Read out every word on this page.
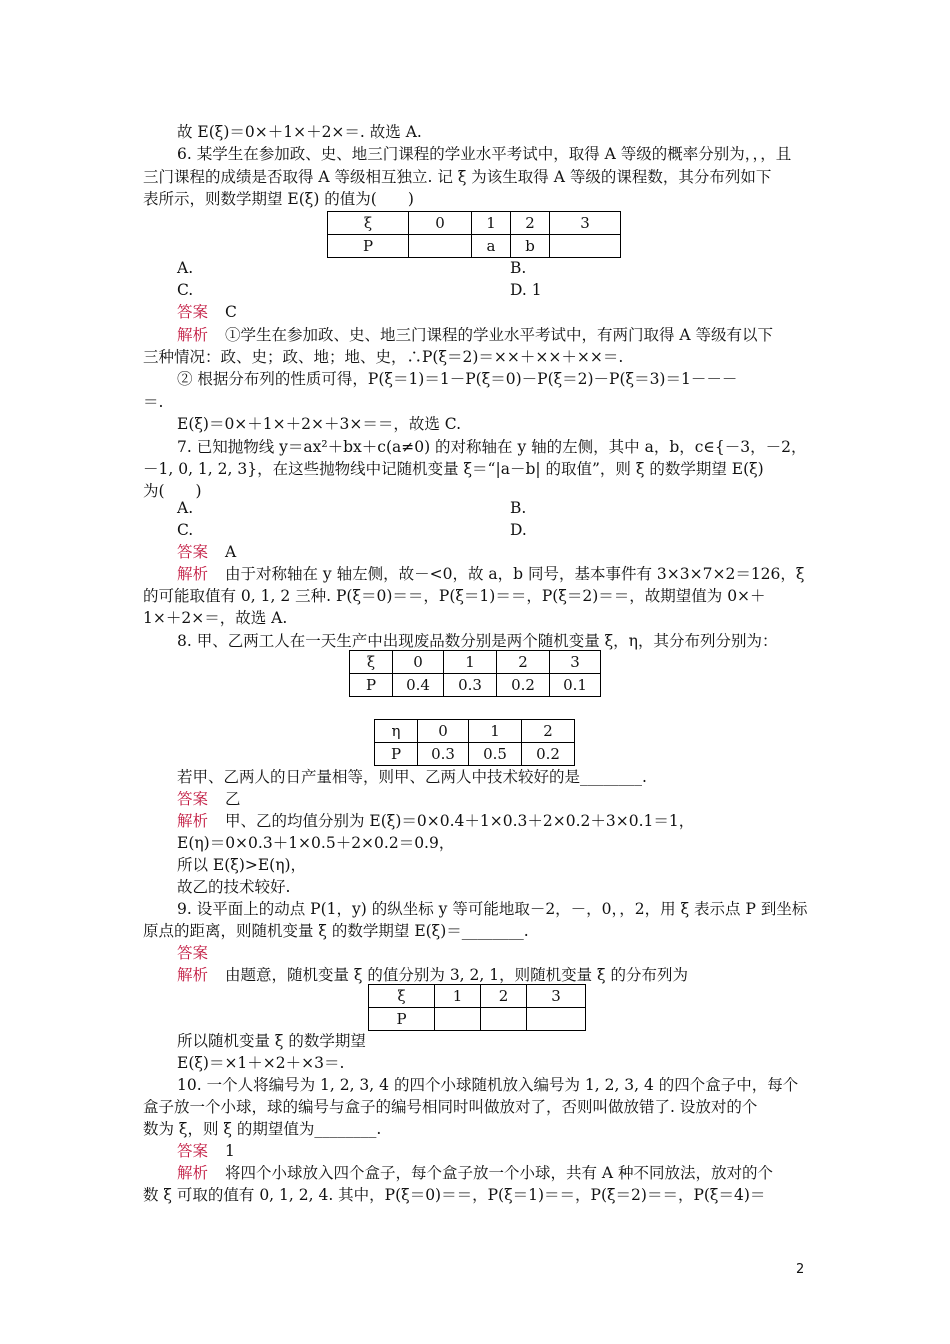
故 E(ξ)＝0×＋1×＋2×＝. 故选 A.
6. 某学生在参加政、史、地三门课程的学业水平考试中，取得 A 等级的概率分别为，，，且
三门课程的成绩是否取得 A 等级相互独立. 记 ξ 为该生取得 A 等级的课程数，其分布列如下
表所示，则数学期望 E(ξ) 的值为(　　)
ξ	0	1	2	3
P		a	b	
A.	B.
C.	D. 1
答案 C
解析 ①学生在参加政、史、地三门课程的学业水平考试中，有两门取得 A 等级有以下
三种情况：政、史；政、地；地、史，∴P(ξ＝2)＝××＋××＋××＝.
② 根据分布列的性质可得，P(ξ＝1)＝1－P(ξ＝0)－P(ξ＝2)－P(ξ＝3)＝1－－－
＝.
E(ξ)＝0×＋1×＋2×＋3×＝＝，故选 C.
7. 已知抛物线 y＝ax²＋bx＋c(a≠0) 的对称轴在 y 轴的左侧，其中 a，b，c∈{－3，－2，
－1, 0, 1, 2, 3}，在这些抛物线中记随机变量 ξ＝“|a－b| 的取值”，则 ξ 的数学期望 E(ξ)
为(　　)
A.	B.
C.	D.
答案 A
解析 由于对称轴在 y 轴左侧，故－<0，故 a，b 同号，基本事件有 3×3×7×2＝126，ξ
的可能取值有 0, 1, 2 三种. P(ξ＝0)＝＝，P(ξ＝1)＝＝，P(ξ＝2)＝＝，故期望值为 0×＋
1×＋2×＝，故选 A.
8. 甲、乙两工人在一天生产中出现废品数分别是两个随机变量 ξ，η，其分布列分别为：
ξ	0	1	2	3
P	0.4	0.3	0.2	0.1
η	0	1	2
P	0.3	0.5	0.2
若甲、乙两人的日产量相等，则甲、乙两人中技术较好的是________.
答案 乙
解析 甲、乙的均值分别为 E(ξ)＝0×0.4＋1×0.3＋2×0.2＋3×0.1＝1，
E(η)＝0×0.3＋1×0.5＋2×0.2＝0.9，
所以 E(ξ)>E(η)，
故乙的技术较好.
9. 设平面上的动点 P(1，y) 的纵坐标 y 等可能地取－2，－，0，，2，用 ξ 表示点 P 到坐标
原点的距离，则随机变量 ξ 的数学期望 E(ξ)＝________.
答案
解析 由题意，随机变量 ξ 的值分别为 3, 2, 1，则随机变量 ξ 的分布列为
ξ	1	2	3
P			
所以随机变量 ξ 的数学期望
E(ξ)＝×1＋×2＋×3＝.
10. 一个人将编号为 1, 2, 3, 4 的四个小球随机放入编号为 1, 2, 3, 4 的四个盒子中，每个
盒子放一个小球，球的编号与盒子的编号相同时叫做放对了，否则叫做放错了. 设放对的个
数为 ξ，则 ξ 的期望值为________.
答案 1
解析 将四个小球放入四个盒子，每个盒子放一个小球，共有 A 种不同放法，放对的个
数 ξ 可取的值有 0, 1, 2, 4. 其中，P(ξ＝0)＝＝，P(ξ＝1)＝＝，P(ξ＝2)＝＝，P(ξ＝4)＝
2
